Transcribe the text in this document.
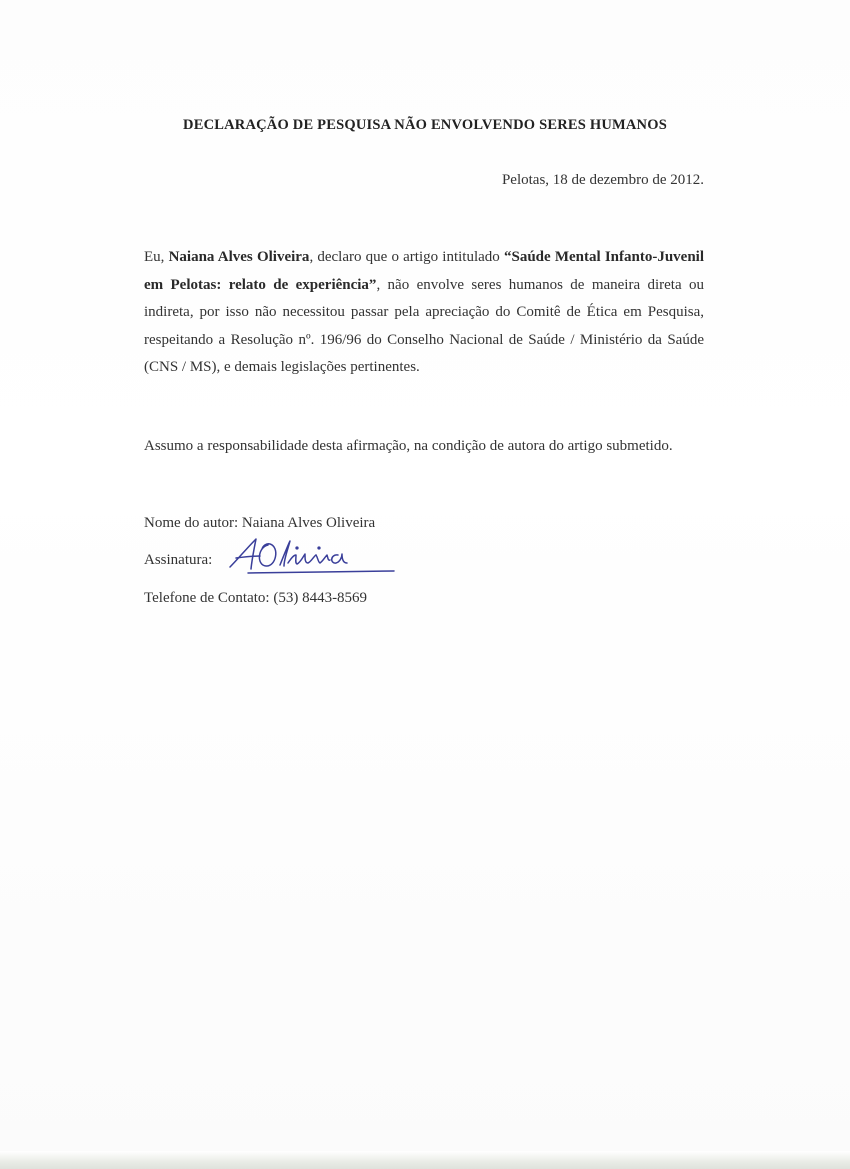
DECLARAÇÃO DE PESQUISA NÃO ENVOLVENDO SERES HUMANOS
Pelotas, 18 de dezembro de 2012.
Eu, Naiana Alves Oliveira, declaro que o artigo intitulado “Saúde Mental Infanto-Juvenil em Pelotas: relato de experiência”, não envolve seres humanos de maneira direta ou indireta, por isso não necessitou passar pela apreciação do Comitê de Ética em Pesquisa, respeitando a Resolução nº. 196/96 do Conselho Nacional de Saúde / Ministério da Saúde (CNS / MS), e demais legislações pertinentes.
Assumo a responsabilidade desta afirmação, na condição de autora do artigo submetido.
Nome do autor: Naiana Alves Oliveira
Assinatura:
Telefone de Contato: (53) 8443-8569
